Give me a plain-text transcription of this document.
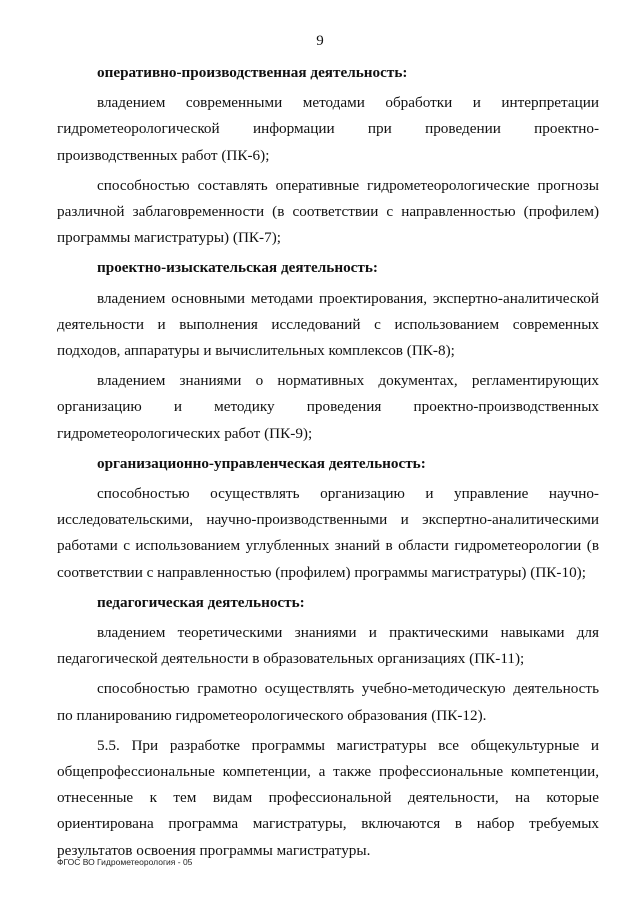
9

оперативно-производственная деятельность:

владением современными методами обработки и интерпретации гидрометеорологической информации при проведении проектно-производственных работ (ПК-6);

способностью составлять оперативные гидрометеорологические прогнозы различной заблаговременности (в соответствии с направленностью (профилем) программы магистратуры) (ПК-7);

проектно-изыскательская деятельность:

владением основными методами проектирования, экспертно-аналитической деятельности и выполнения исследований с использованием современных подходов, аппаратуры и вычислительных комплексов (ПК-8);

владением знаниями о нормативных документах, регламентирующих организацию и методику проведения проектно-производственных гидрометеорологических работ (ПК-9);

организационно-управленческая деятельность:

способностью осуществлять организацию и управление научно-исследовательскими, научно-производственными и экспертно-аналитическими работами с использованием углубленных знаний в области гидрометеорологии (в соответствии с направленностью (профилем) программы магистратуры) (ПК-10);

педагогическая деятельность:

владением теоретическими знаниями и практическими навыками для педагогической деятельности в образовательных организациях (ПК-11);

способностью грамотно осуществлять учебно-методическую деятельность по планированию гидрометеорологического образования (ПК-12).

5.5. При разработке программы магистратуры все общекультурные и общепрофессиональные компетенции, а также профессиональные компетенции, отнесенные к тем видам профессиональной деятельности, на которые ориентирована программа магистратуры, включаются в набор требуемых результатов освоения программы магистратуры.

ФГОС ВО Гидрометеорология - 05
